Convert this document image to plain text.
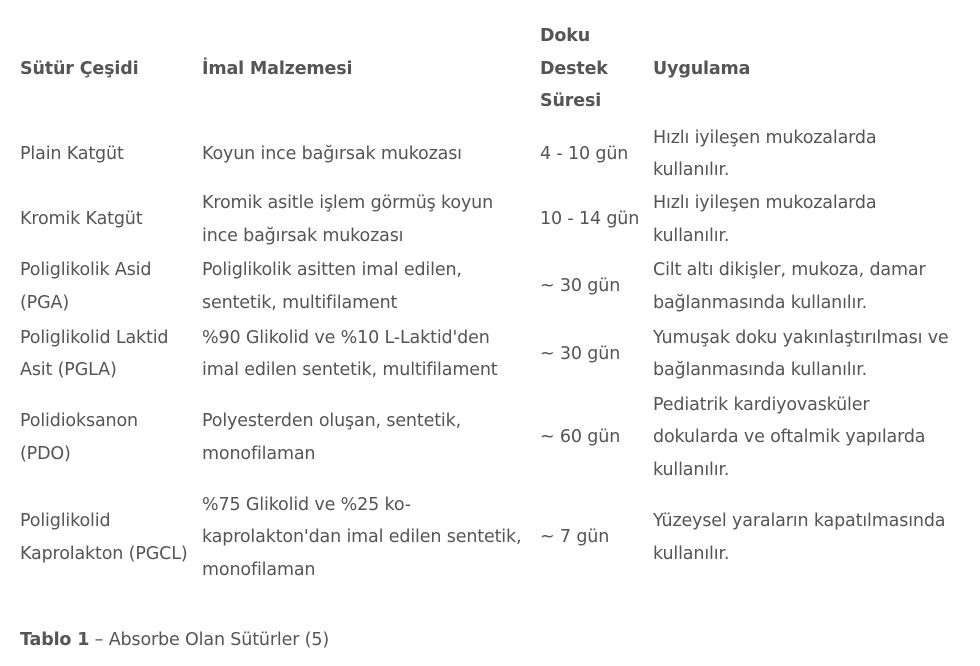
Sütür Çeşidi	İmal Malzemesi	Doku Destek Süresi	Uygulama
Plain Katgüt	Koyun ince bağırsak mukozası	4 - 10 gün	Hızlı iyileşen mukozalarda kullanılır.
Kromik Katgüt	Kromik asitle işlem görmüş koyun ince bağırsak mukozası	10 - 14 gün	Hızlı iyileşen mukozalarda kullanılır.
Poliglikolik Asid (PGA)	Poliglikolik asitten imal edilen, sentetik, multifilament	~ 30 gün	Cilt altı dikişler, mukoza, damar bağlanmasında kullanılır.
Poliglikolid Laktid Asit (PGLA)	%90 Glikolid ve %10 L-Laktid'den imal edilen sentetik, multifilament	~ 30 gün	Yumuşak doku yakınlaştırılması ve bağlanmasında kullanılır.
Polidioksanon (PDO)	Polyesterden oluşan, sentetik, monofilaman	~ 60 gün	Pediatrik kardiyovasküler dokularda ve oftalmik yapılarda kullanılır.
Poliglikolid Kaprolakton (PGCL)	%75 Glikolid ve %25 ko-kaprolakton'dan imal edilen sentetik, monofilaman	~ 7 gün	Yüzeysel yaraların kapatılmasında kullanılır.
Tablo 1 – Absorbe Olan Sütürler (5)
